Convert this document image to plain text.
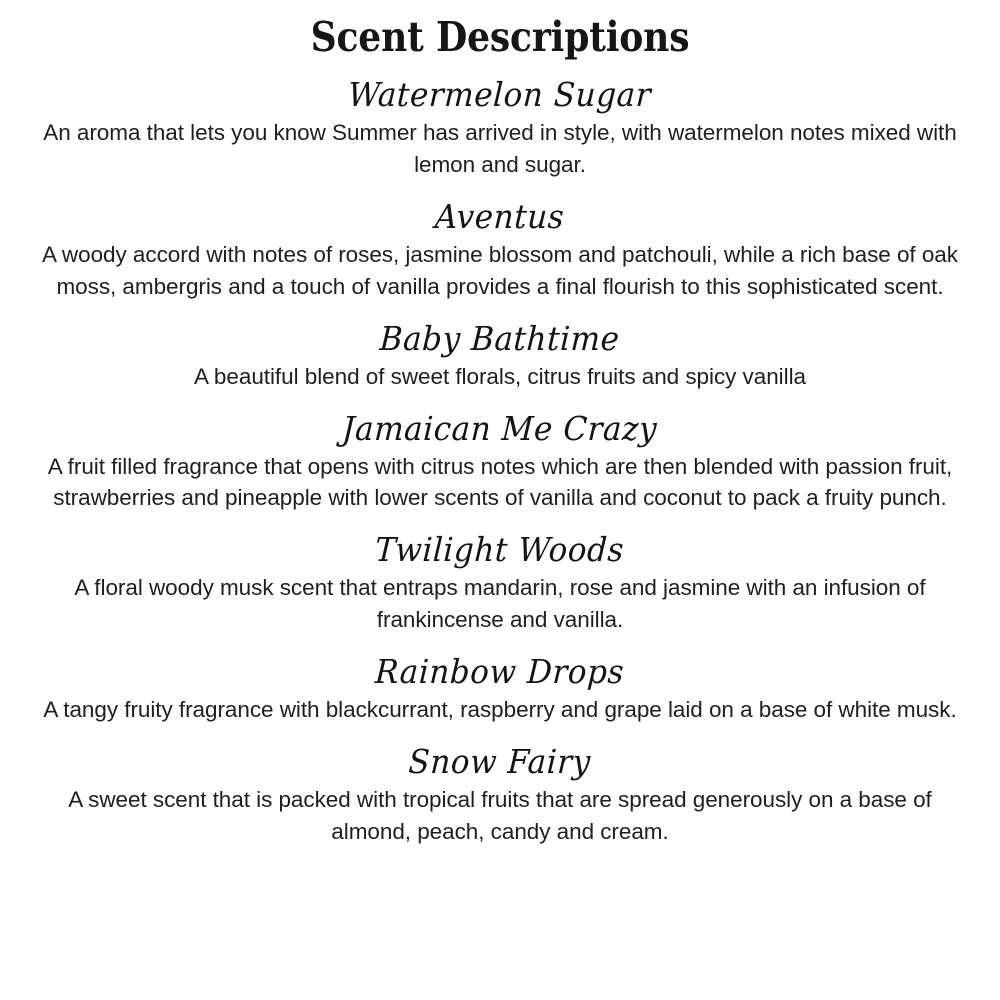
Scent Descriptions
Watermelon Sugar

An aroma that lets you know Summer has arrived in style, with watermelon notes mixed with lemon and sugar.

Aventus

A woody accord with notes of roses, jasmine blossom and patchouli, while a rich base of oak moss, ambergris and a touch of vanilla provides a final flourish to this sophisticated scent.

Baby Bathtime

A beautiful blend of sweet florals, citrus fruits and spicy vanilla

Jamaican Me Crazy

A fruit filled fragrance that opens with citrus notes which are then blended with passion fruit, strawberries and pineapple with lower scents of vanilla and coconut to pack a fruity punch.

Twilight Woods

A floral woody musk scent that entraps mandarin, rose and jasmine with an infusion of frankincense and vanilla.

Rainbow Drops

A tangy fruity fragrance with blackcurrant, raspberry and grape laid on a base of white musk.

Snow Fairy

A sweet scent that is packed with tropical fruits that are spread generously on a base of almond, peach, candy and cream.
